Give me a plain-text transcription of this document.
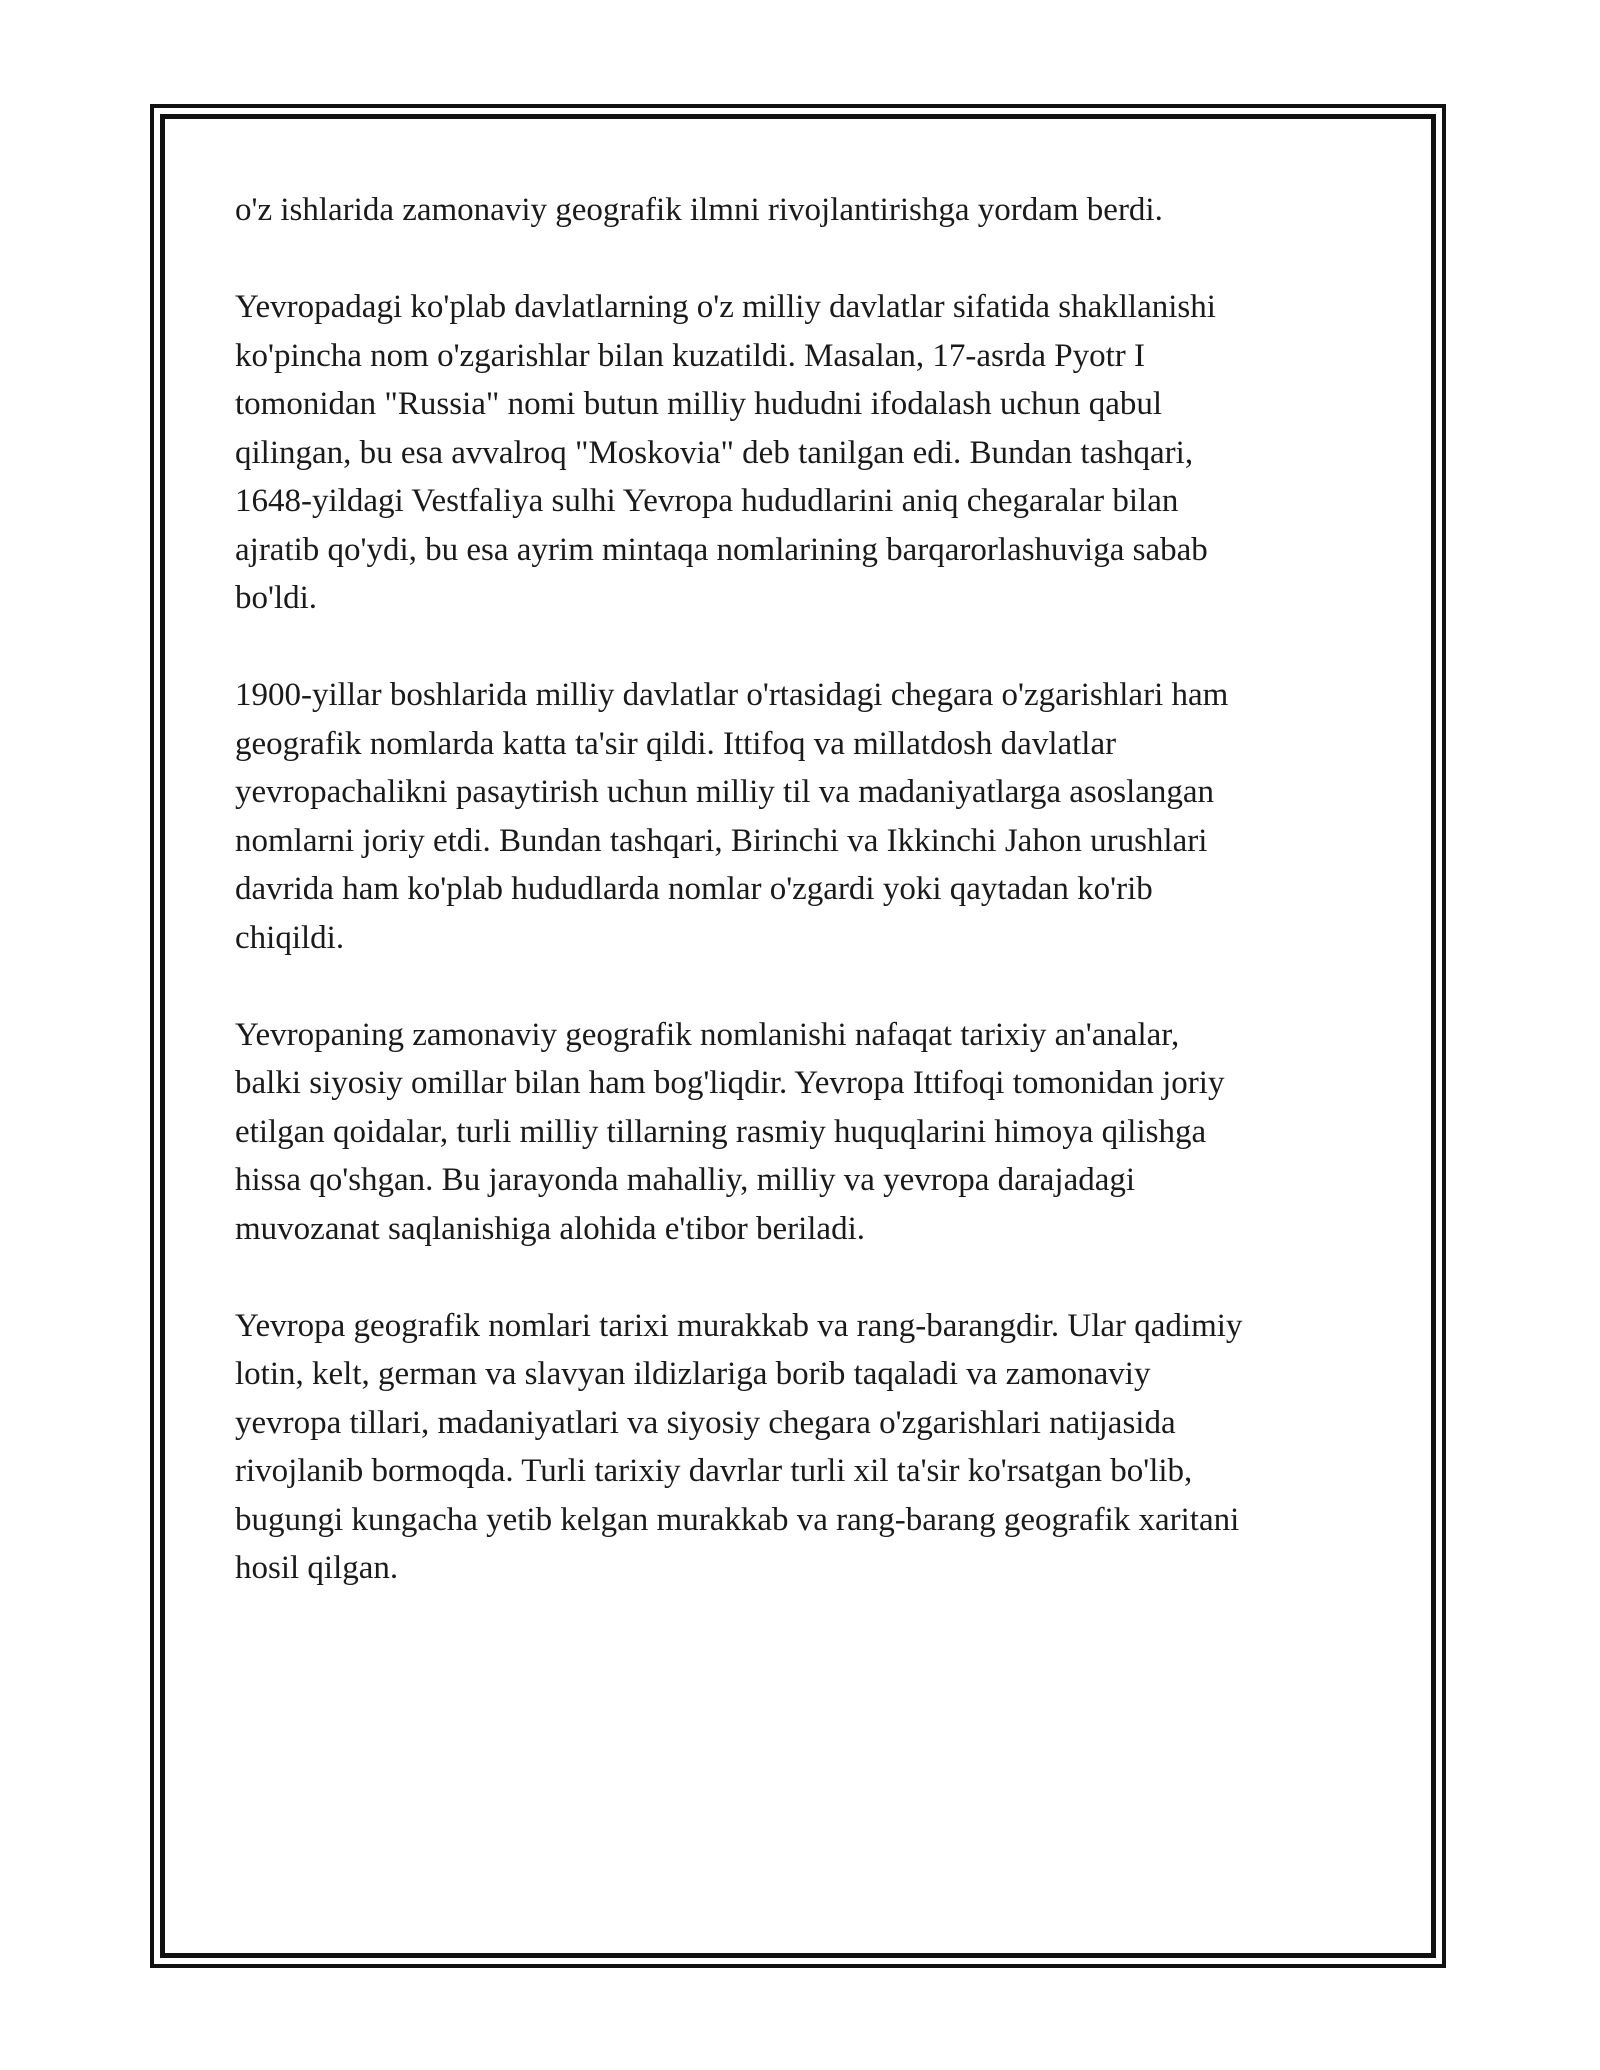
o'z ishlarida zamonaviy geografik ilmni rivojlantirishga yordam berdi.

Yevropadagi ko'plab davlatlarning o'z milliy davlatlar sifatida shakllanishi
ko'pincha nom o'zgarishlar bilan kuzatildi. Masalan, 17-asrda Pyotr I
tomonidan "Russia" nomi butun milliy hududni ifodalash uchun qabul
qilingan, bu esa avvalroq "Moskovia" deb tanilgan edi. Bundan tashqari,
1648-yildagi Vestfaliya sulhi Yevropa hududlarini aniq chegaralar bilan
ajratib qo'ydi, bu esa ayrim mintaqa nomlarining barqarorlashuviga sabab
bo'ldi.

1900-yillar boshlarida milliy davlatlar o'rtasidagi chegara o'zgarishlari ham
geografik nomlarda katta ta'sir qildi. Ittifoq va millatdosh davlatlar
yevropachalikni pasaytirish uchun milliy til va madaniyatlarga asoslangan
nomlarni joriy etdi. Bundan tashqari, Birinchi va Ikkinchi Jahon urushlari
davrida ham ko'plab hududlarda nomlar o'zgardi yoki qaytadan ko'rib
chiqildi.

Yevropaning zamonaviy geografik nomlanishi nafaqat tarixiy an'analar,
balki siyosiy omillar bilan ham bog'liqdir. Yevropa Ittifoqi tomonidan joriy
etilgan qoidalar, turli milliy tillarning rasmiy huquqlarini himoya qilishga
hissa qo'shgan. Bu jarayonda mahalliy, milliy va yevropa darajadagi
muvozanat saqlanishiga alohida e'tibor beriladi.

Yevropa geografik nomlari tarixi murakkab va rang-barangdir. Ular qadimiy
lotin, kelt, german va slavyan ildizlariga borib taqaladi va zamonaviy
yevropa tillari, madaniyatlari va siyosiy chegara o'zgarishlari natijasida
rivojlanib bormoqda. Turli tarixiy davrlar turli xil ta'sir ko'rsatgan bo'lib,
bugungi kungacha yetib kelgan murakkab va rang-barang geografik xaritani
hosil qilgan.
